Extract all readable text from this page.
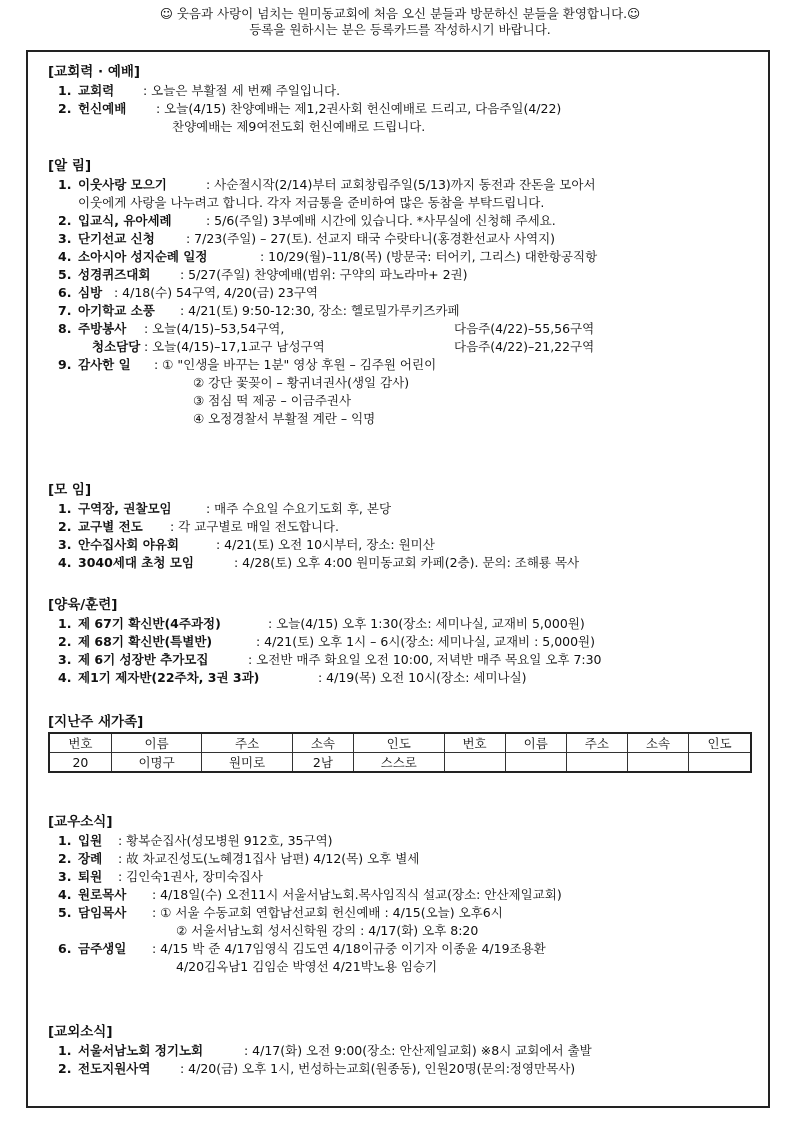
☺ 웃음과 사랑이 넘치는 원미동교회에 처음 오신 분들과 방문하신 분들을 환영합니다.☺
등록을 원하시는 분은 등록카드를 작성하시기 바랍니다.
[교회력 · 예배]
1. 교회력 : 오늘은 부활절 세 번째 주일입니다.
2. 헌신예배 : 오늘(4/15) 찬양예배는 제1,2권사회 헌신예배로 드리고, 다음주일(4/22)
찬양예배는 제9여전도회 헌신예배로 드립니다.
[알 림]
1. 이웃사랑 모으기	: 사순절시작(2/14)부터 교회창립주일(5/13)까지 동전과 잔돈을 모아서
이웃에게 사랑을 나누려고 합니다. 각자 저금통을 준비하여 많은 동참을 부탁드립니다.
2. 입교식, 유아세례	: 5/6(주일) 3부예배 시간에 있습니다. *사무실에 신청해 주세요.
3. 단기선교 신청 : 7/23(주일) – 27(토). 선교지 태국 수랏타니(홍경환선교사 사역지)
4. 소아시아 성지순례 일정	: 10/29(월)–11/8(목) (방문국: 터어키, 그리스) 대한항공직항
5. 성경퀴즈대회 : 5/27(주일) 찬양예배(범위: 구약의 파노라마+ 2권)
6. 심방 : 4/18(수) 54구역, 4/20(금) 23구역
7. 아기학교 소풍 : 4/21(토) 9:50-12:30, 장소: 헬로밀가루키즈카페
8. 주방봉사 : 오늘(4/15)–53,54구역,	다음주(4/22)–55,56구역
청소담당 : 오늘(4/15)–17,1교구 남성구역	다음주(4/22)–21,22구역
9. 감사한 일 : ① "인생을 바꾸는 1분" 영상 후원 – 김주원 어린이
② 강단 꽃꽂이 – 황귀녀권사(생일 감사)
③ 점심 떡 제공 – 이금주권사
④ 오정경찰서 부활절 계란 – 익명
[모 임]
1. 구역장, 권찰모임	: 매주 수요일 수요기도회 후, 본당
2. 교구별 전도 : 각 교구별로 매일 전도합니다.
3. 안수집사회 야유회	: 4/21(토) 오전 10시부터, 장소: 원미산
4. 3040세대 초청 모임	: 4/28(토) 오후 4:00 원미동교회 카페(2층). 문의: 조해룡 목사
[양육/훈련]
1. 제 67기 확신반(4주과정)	: 오늘(4/15) 오후 1:30(장소: 세미나실, 교재비 5,000원)
2. 제 68기 확신반(특별반)	: 4/21(토) 오후 1시 – 6시(장소: 세미나실, 교재비 : 5,000원)
3. 제 6기 성장반 추가모집	: 오전반 매주 화요일 오전 10:00, 저녁반 매주 목요일 오후 7:30
4. 제1기 제자반(22주차, 3권 3과)	: 4/19(목) 오전 10시(장소: 세미나실)
[지난주 새가족]
번호	이름	주소	소속	인도	번호	이름	주소	소속	인도
20	이명구	원미로	2남	스스로					
[교우소식]
1. 입원 : 황복순집사(성모병원 912호, 35구역)
2. 장례 : 故 차교진성도(노혜경1집사 남편) 4/12(목) 오후 별세
3. 퇴원 : 김인숙1권사, 장미숙집사
4. 원로목사 : 4/18일(수) 오전11시 서울서남노회.목사임직식 설교(장소: 안산제일교회)
5. 담임목사 : ① 서울 수동교회 연합남선교회 헌신예배 : 4/15(오늘) 오후6시
② 서울서남노회 성서신학원 강의 : 4/17(화) 오후 8:20
6. 금주생일 : 4/15 박 준 4/17임영식 김도연 4/18이규중 이기자 이종윤 4/19조용환
4/20김옥남1 김임순 박영선 4/21박노용 임승기
[교외소식]
1. 서울서남노회 정기노회	: 4/17(화) 오전 9:00(장소: 안산제일교회) ※8시 교회에서 출발
2. 전도지원사역 : 4/20(금) 오후 1시, 번성하는교회(원종동), 인원20명(문의:정영만목사)
